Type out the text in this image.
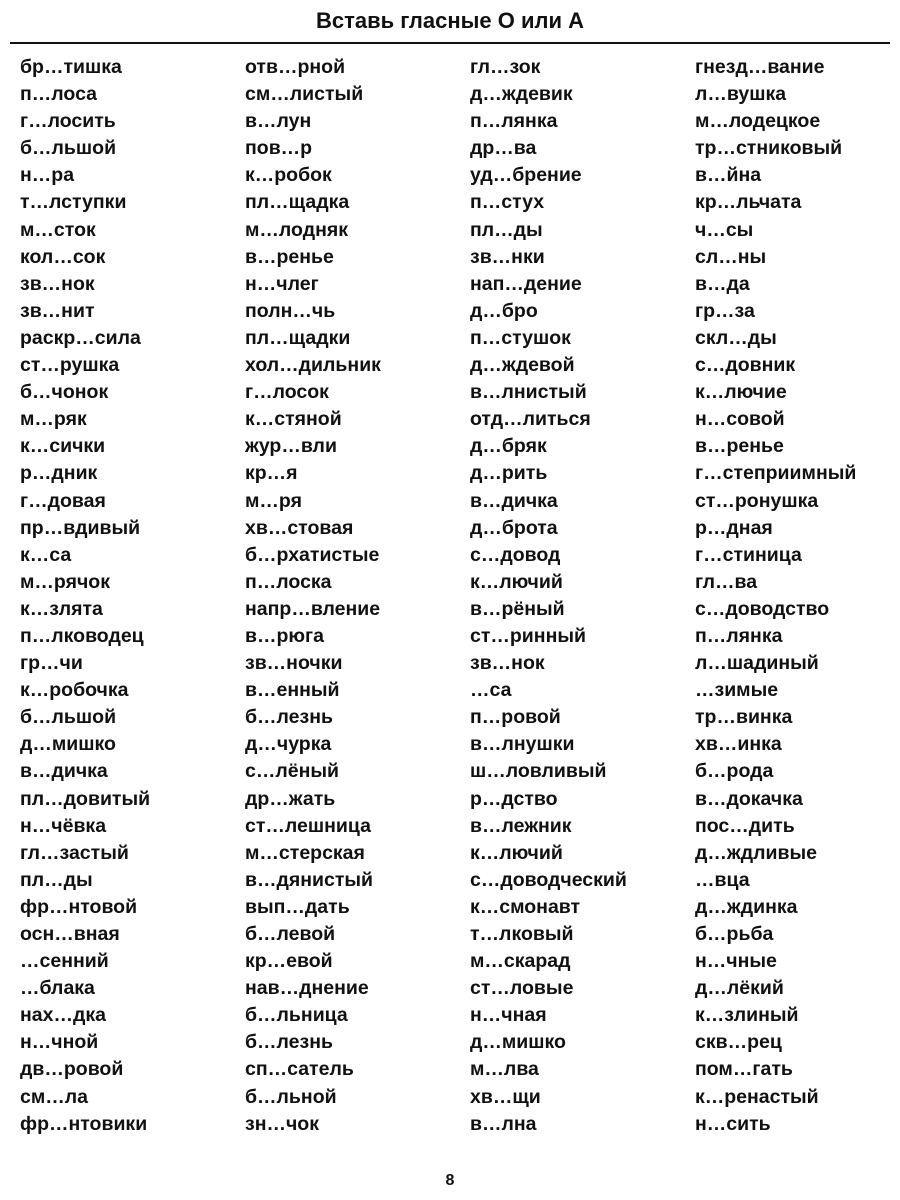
Вставь гласные О или А
бр…тишка
п…лоса
г…лосить
б…льшой
н…ра
т…лступки
м…сток
кол…сок
зв…нок
зв…нит
раскр…сила
ст…рушка
б…чонок
м…ряк
к…сички
р…дник
г…довая
пр…вдивый
к…са
м…рячок
к…злята
п…лководец
гр…чи
к…робочка
б…льшой
д…мишко
в…дичка
пл…довитый
н…чёвка
гл…застый
пл…ды
фр…нтовой
осн…вная
…сенний
…блака
нах…дка
н…чной
дв…ровой
см…ла
фр…нтовики
отв…рной
см…листый
в…лун
пов…р
к…робок
пл…щадка
м…лодняк
в…ренье
н…члег
полн…чь
пл…щадки
хол…дильник
г…лосок
к…стяной
жур…вли
кр…я
м…ря
хв…стовая
б…рхатистые
п…лоска
напр…вление
в…рюга
зв…ночки
в…енный
б…лезнь
д…чурка
с…лёный
др…жать
ст…лешница
м…стерская
в…дянистый
вып…дать
б…левой
кр…евой
нав…днение
б…льница
б…лезнь
сп…сатель
б…льной
зн…чок
гл…зок
д…ждевик
п…лянка
др…ва
уд…брение
п…стух
пл…ды
зв…нки
нап…дение
д…бро
п…стушок
д…ждевой
в…лнистый
отд…литься
д…бряк
д…рить
в…дичка
д…брота
с…довод
к…лючий
в…рёный
ст…ринный
зв…нок
…са
п…ровой
в…лнушки
ш…ловливый
р…дство
в…лежник
к…лючий
с…доводческий
к…смонавт
т…лковый
м…скарад
ст…ловые
н…чная
д…мишко
м…лва
хв…щи
в…лна
гнезд…вание
л…вушка
м…лодецкое
тр…стниковый
в…йна
кр…льчата
ч…сы
сл…ны
в…да
гр…за
скл…ды
с…довник
к…лючие
н…совой
в…ренье
г…степриимный
ст…ронушка
р…дная
г…стиница
гл…ва
с…доводство
п…лянка
л…шадиный
…зимые
тр…винка
хв…инка
б…рода
в…докачка
пос…дить
д…ждливые
…вца
д…ждинка
б…рьба
н…чные
д…лёкий
к…злиный
скв…рец
пом…гать
к…ренастый
н…сить
8
